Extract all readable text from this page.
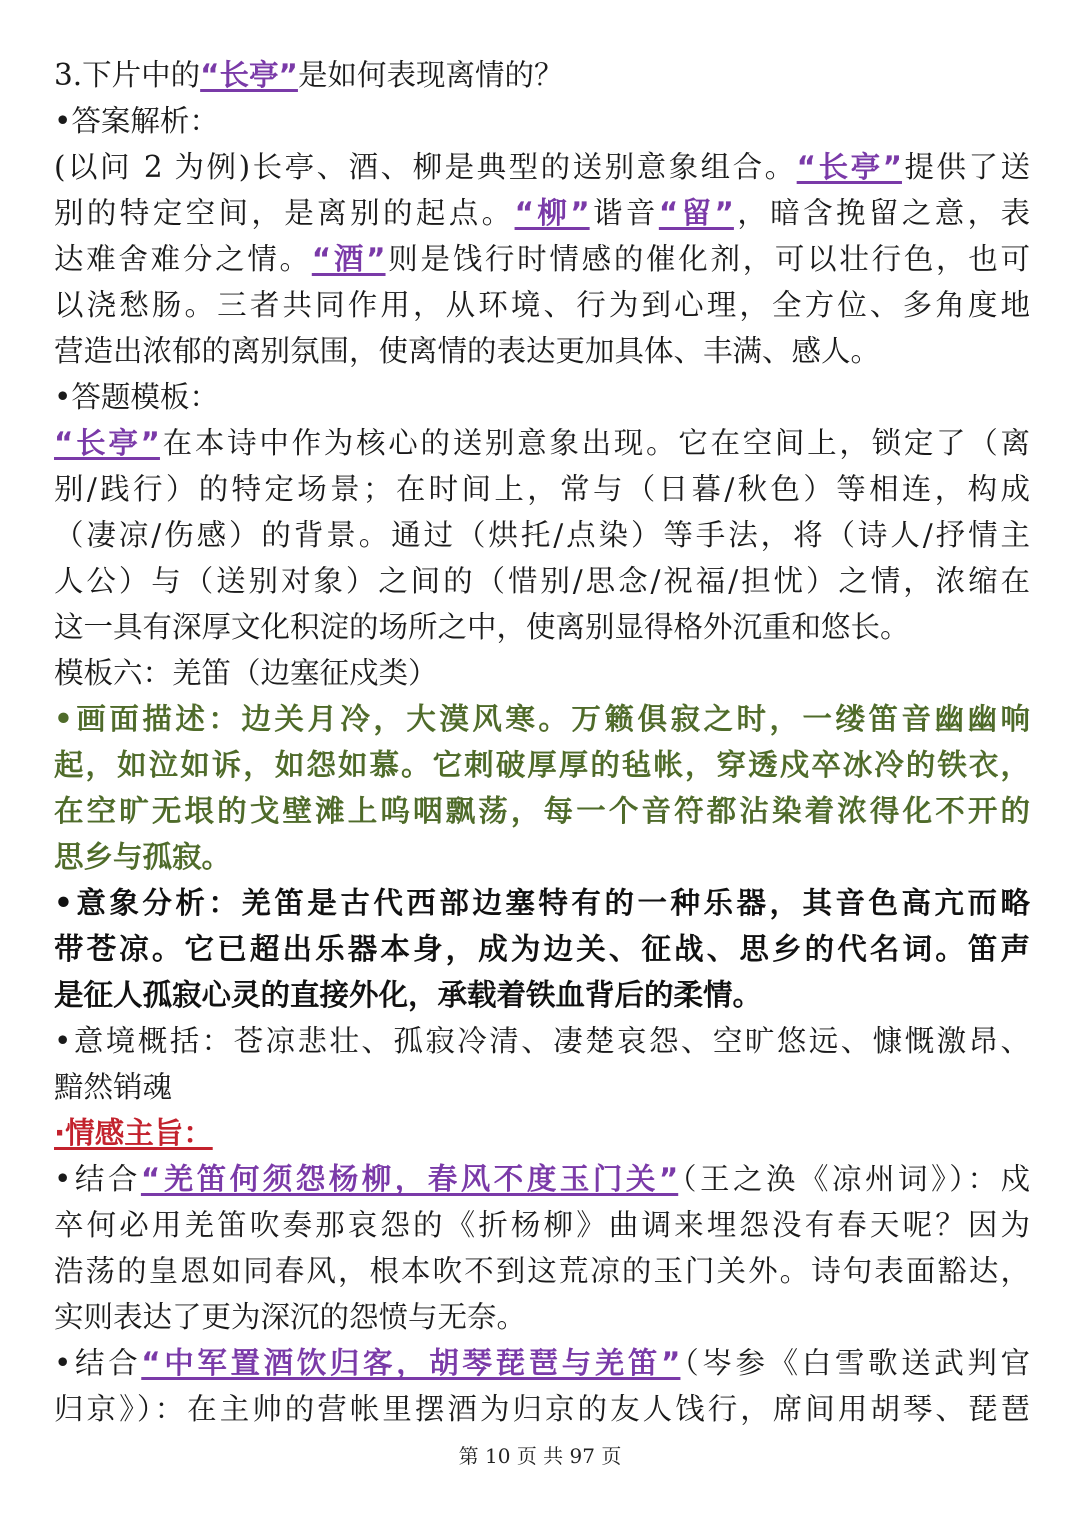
3.下片中的“长亭”是如何表现离情的？
•答案解析：
(以问 2 为例)长亭、酒、柳是典型的送别意象组合。“长亭”提供了送
别的特定空间，是离别的起点。“柳”谐音“留”，暗含挽留之意，表
达难舍难分之情。“酒”则是饯行时情感的催化剂，可以壮行色，也可
以浇愁肠。三者共同作用，从环境、行为到心理，全方位、多角度地
营造出浓郁的离别氛围，使离情的表达更加具体、丰满、感人。
•答题模板：
“长亭”在本诗中作为核心的送别意象出现。它在空间上，锁定了（离
别/践行）的特定场景；在时间上，常与（日暮/秋色）等相连，构成
（凄凉/伤感）的背景。通过（烘托/点染）等手法，将（诗人/抒情主
人公）与（送别对象）之间的（惜别/思念/祝福/担忧）之情，浓缩在
这一具有深厚文化积淀的场所之中，使离别显得格外沉重和悠长。
模板六：羌笛（边塞征戍类）
•画面描述：边关月冷，大漠风寒。万籁俱寂之时，一缕笛音幽幽响
起，如泣如诉，如怨如慕。它刺破厚厚的毡帐，穿透戍卒冰冷的铁衣，
在空旷无垠的戈壁滩上呜咽飘荡，每一个音符都沾染着浓得化不开的
思乡与孤寂。
•意象分析：羌笛是古代西部边塞特有的一种乐器，其音色高亢而略
带苍凉。它已超出乐器本身，成为边关、征战、思乡的代名词。笛声
是征人孤寂心灵的直接外化，承载着铁血背后的柔情。
•意境概括：苍凉悲壮、孤寂冷清、凄楚哀怨、空旷悠远、慷慨激昂、
黯然销魂
·情感主旨：
•结合“羌笛何须怨杨柳，春风不度玉门关”（王之涣《凉州词》）：戍
卒何必用羌笛吹奏那哀怨的《折杨柳》曲调来埋怨没有春天呢？因为
浩荡的皇恩如同春风，根本吹不到这荒凉的玉门关外。诗句表面豁达，
实则表达了更为深沉的怨愤与无奈。
•结合“中军置酒饮归客，胡琴琵琶与羌笛”（岑参《白雪歌送武判官
归京》）：在主帅的营帐里摆酒为归京的友人饯行，席间用胡琴、琵琶
第 10 页 共 97 页
